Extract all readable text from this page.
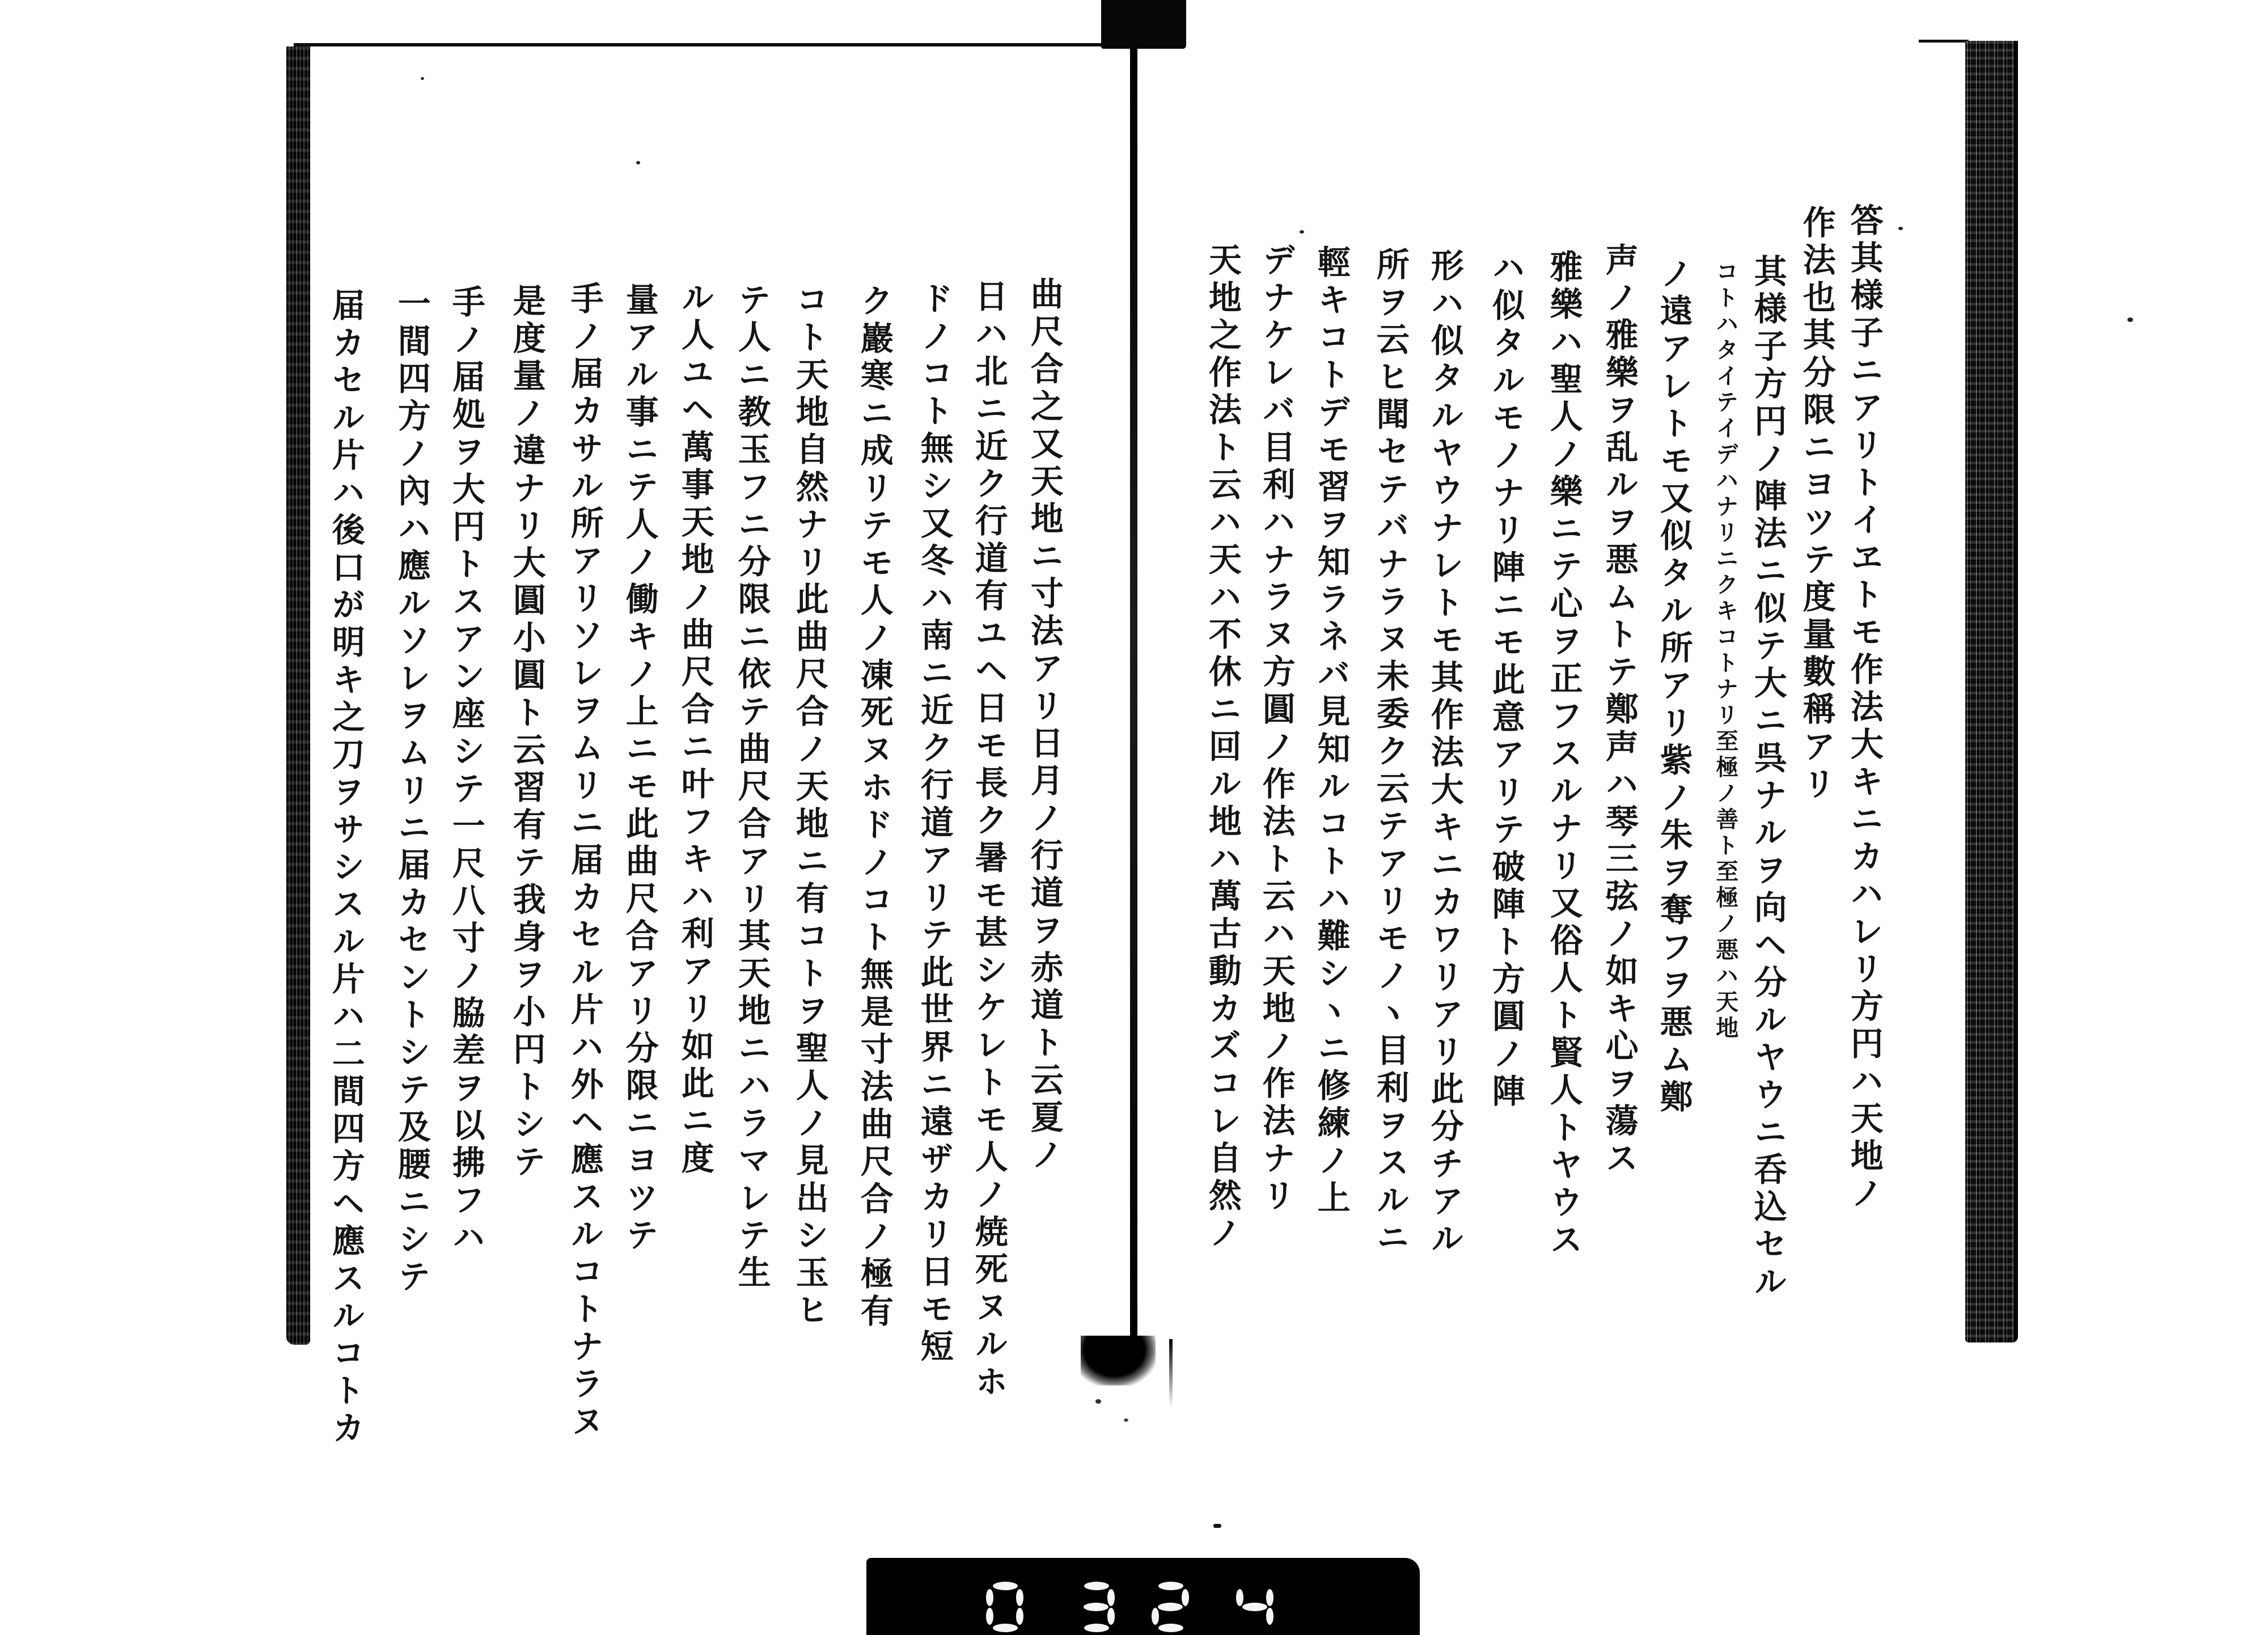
答其様子ニアリトイヱトモ作法大キニカハレリ方円ハ天地ノ
作法也其分限ニヨツテ度量數稱アリ
其様子方円ノ陣法ニ似テ大ニ呉ナルヲ向ヘ分ルヤウニ呑込セル
コトハタイテイデハナリニクキコトナリ至極ノ善ト至極ノ悪ハ天地
ノ遠アレトモ又似タル所アリ紫ノ朱ヲ奪フヲ悪ム鄭
声ノ雅樂ヲ乱ルヲ悪ムトテ鄭声ハ琴三弦ノ如キ心ヲ蕩ス
雅樂ハ聖人ノ樂ニテ心ヲ正フスルナリ又俗人ト賢人トヤウス
ハ似タルモノナリ陣ニモ此意アリテ破陣ト方圓ノ陣
形ハ似タルヤウナレトモ其作法大キニカワリアリ此分チアル
所ヲ云ヒ聞セテバナラヌ未委ク云テアリモノヽ目利ヲスルニ
輕キコトデモ習ヲ知ラネバ見知ルコトハ難シヽニ修練ノ上
デナケレバ目利ハナラヌ方圓ノ作法ト云ハ天地ノ作法ナリ
天地之作法ト云ハ天ハ不休ニ回ル地ハ萬古動カズコレ自然ノ
曲尺合之又天地ニ寸法アリ日月ノ行道ヲ赤道ト云夏ノ
日ハ北ニ近ク行道有ユヘ日モ長ク暑モ甚シケレトモ人ノ焼死ヌルホ
ドノコト無シ又冬ハ南ニ近ク行道アリテ此世界ニ遠ザカリ日モ短
ク巖寒ニ成リテモ人ノ凍死ヌホドノコト無是寸法曲尺合ノ極有
コト天地自然ナリ此曲尺合ノ天地ニ有コトヲ聖人ノ見出シ玉ヒ
テ人ニ教玉フニ分限ニ依テ曲尺合アリ其天地ニハラマレテ生
ル人ユヘ萬事天地ノ曲尺合ニ叶フキハ利アリ如此ニ度
量アル事ニテ人ノ働キノ上ニモ此曲尺合アリ分限ニヨツテ
手ノ届カサル所アリソレヲムリニ届カセル片ハ外ヘ應スルコトナラヌ
是度量ノ違ナリ大圓小圓ト云習有テ我身ヲ小円トシテ
手ノ届処ヲ大円トスアン座シテ一尺八寸ノ脇差ヲ以拂フハ
一間四方ノ內ハ應ルソレヲムリニ届カセントシテ及腰ニシテ
届カセル片ハ後口が明キ之刀ヲサシスル片ハ二間四方ヘ應スルコトカ
